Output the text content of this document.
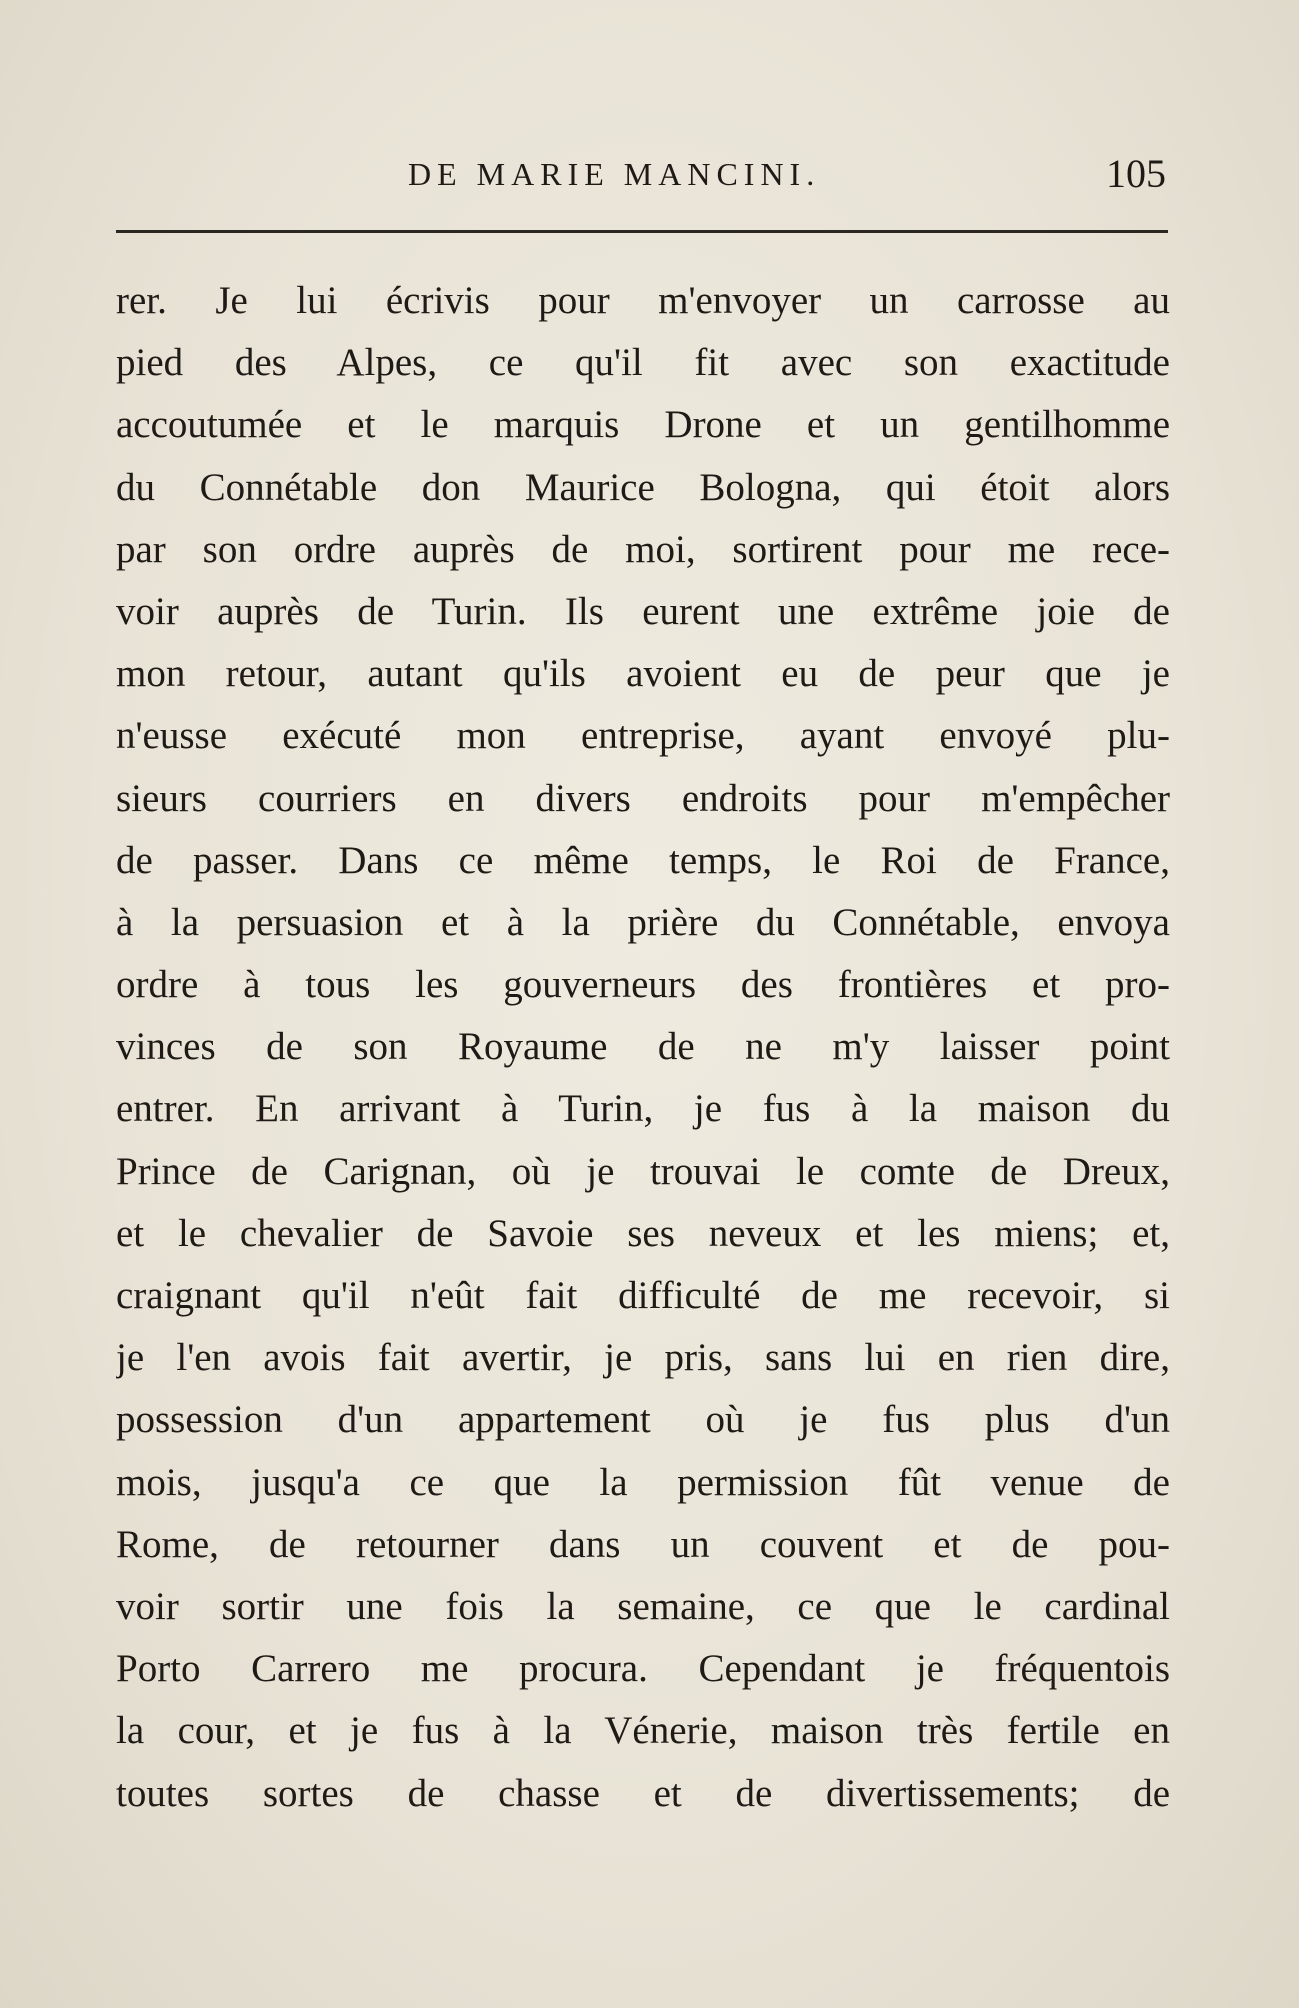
DE MARIE MANCINI.	105
rer. Je lui écrivis pour m'envoyer un carrosse au
pied des Alpes, ce qu'il fit avec son exactitude
accoutumée et le marquis Drone et un gentilhomme
du Connétable don Maurice Bologna, qui étoit alors
par son ordre auprès de moi, sortirent pour me rece-
voir auprès de Turin. Ils eurent une extrême joie de
mon retour, autant qu'ils avoient eu de peur que je
n'eusse exécuté mon entreprise, ayant envoyé plu-
sieurs courriers en divers endroits pour m'empêcher
de passer. Dans ce même temps, le Roi de France,
à la persuasion et à la prière du Connétable, envoya
ordre à tous les gouverneurs des frontières et pro-
vinces de son Royaume de ne m'y laisser point
entrer. En arrivant à Turin, je fus à la maison du
Prince de Carignan, où je trouvai le comte de Dreux,
et le chevalier de Savoie ses neveux et les miens; et,
craignant qu'il n'eût fait difficulté de me recevoir, si
je l'en avois fait avertir, je pris, sans lui en rien dire,
possession d'un appartement où je fus plus d'un
mois, jusqu'a ce que la permission fût venue de
Rome, de retourner dans un couvent et de pou-
voir sortir une fois la semaine, ce que le cardinal
Porto Carrero me procura. Cependant je fréquentois
la cour, et je fus à la Vénerie, maison très fertile en
toutes sortes de chasse et de divertissements; de
